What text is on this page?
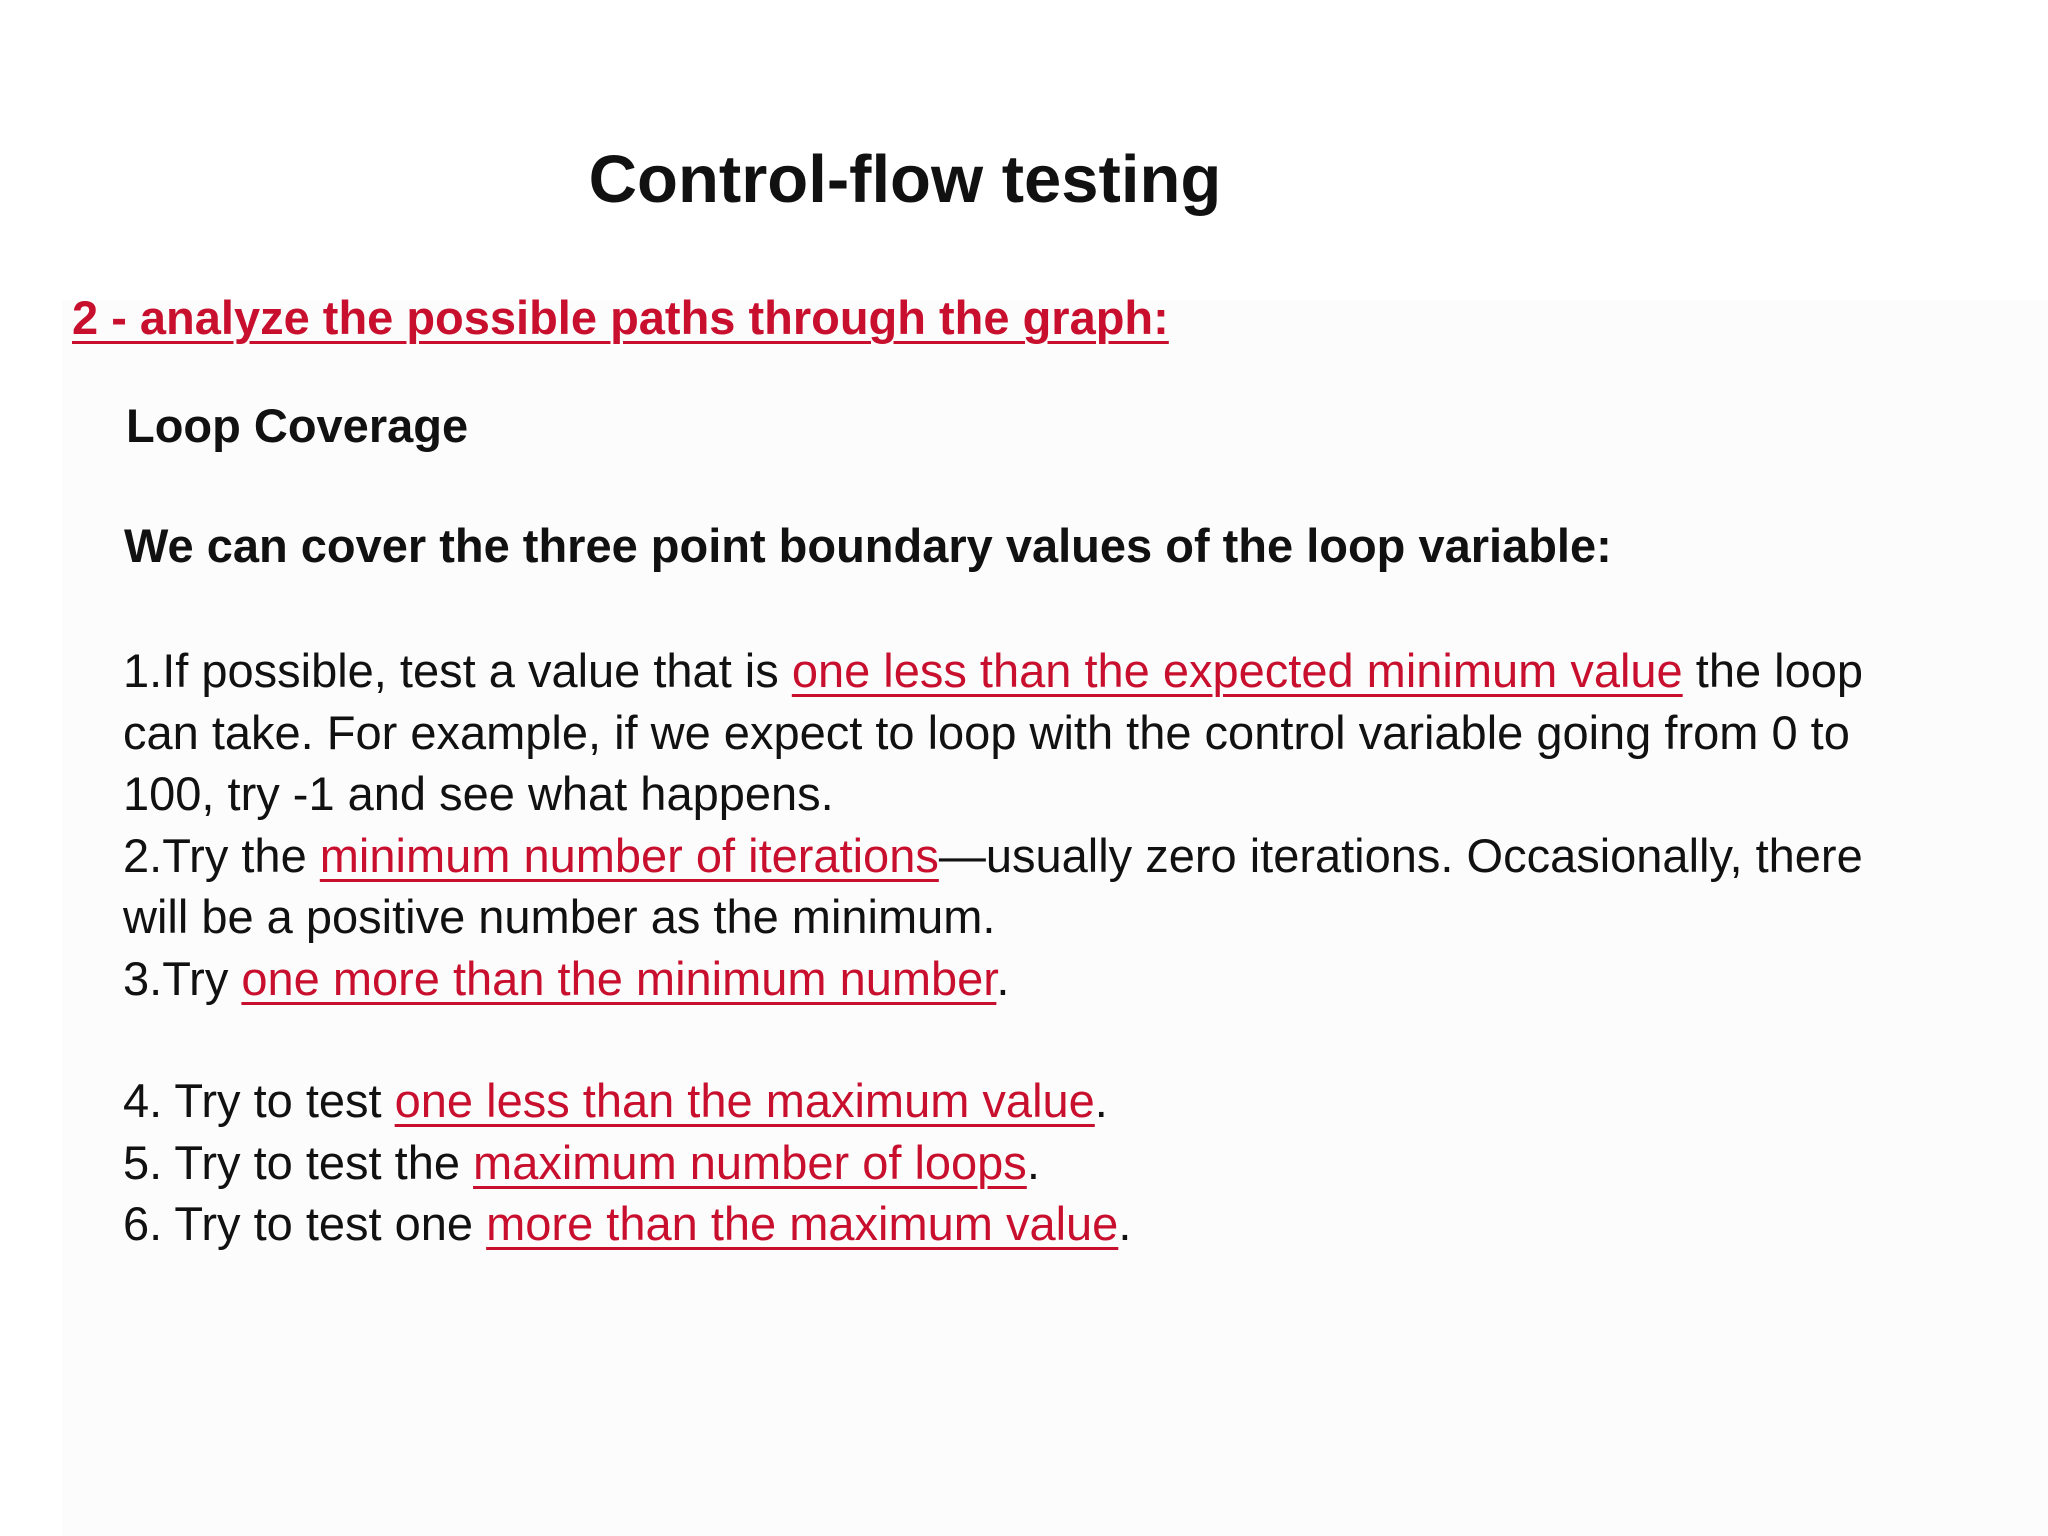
Control-flow testing
2 - analyze the possible paths through the graph:
Loop Coverage
We can cover the three point boundary values of the loop variable:
1.If possible, test a value that is one less than the expected minimum value the loop can take. For example, if we expect to loop with the control variable going from 0 to 100, try -1 and see what happens.
2.Try the minimum number of iterations—usually zero iterations. Occasionally, there will be a positive number as the minimum.
3.Try one more than the minimum number.
4. Try to test one less than the maximum value.
5. Try to test the maximum number of loops.
6. Try to test one more than the maximum value.
